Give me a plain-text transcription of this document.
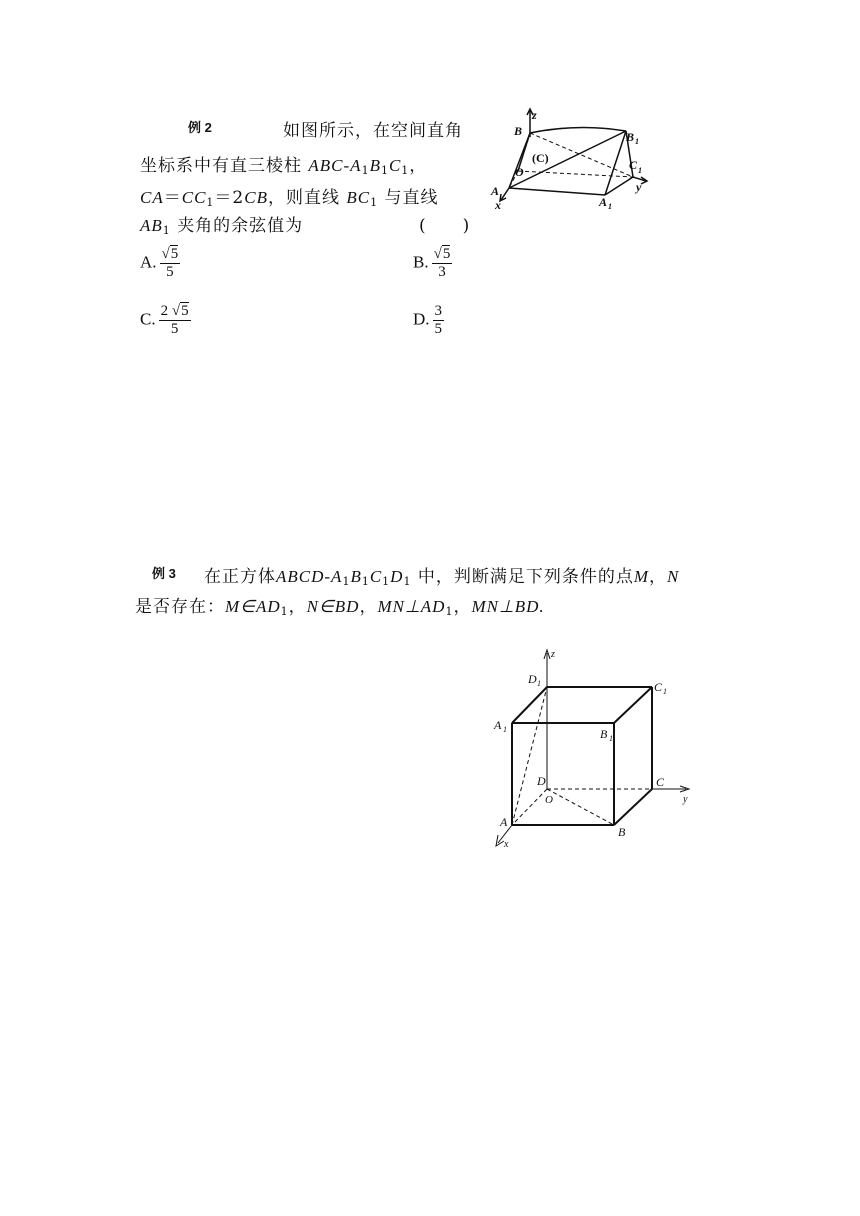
例 2	如图所示，在空间直角
坐标系中有直三棱柱 ABC-$A_1B_1C_1$，
$CA=CC_1=2CB$，则直线 $BC_1$ 与直线
$AB_1$ 夹角的余弦值为	(　　)
A. $\frac{√5}{5}$	B. $\frac{√5}{3}$
C. $\frac{2 √5}{5}$	D. $\frac{3}{5}$
z
B	B 1
C 1
(C)
O
y
A
A 1
x
例 3 在正方体ABCD-$A_1B_1C_1D_1$ 中，判断满足下列条件的点M，N
是否存在：$M\in AD_1$，N∈BD，$MN\perp AD_1$，MN⊥BD.
z
D 1	C 1
A 1	B 1
D	C
O	y
A
B
x
